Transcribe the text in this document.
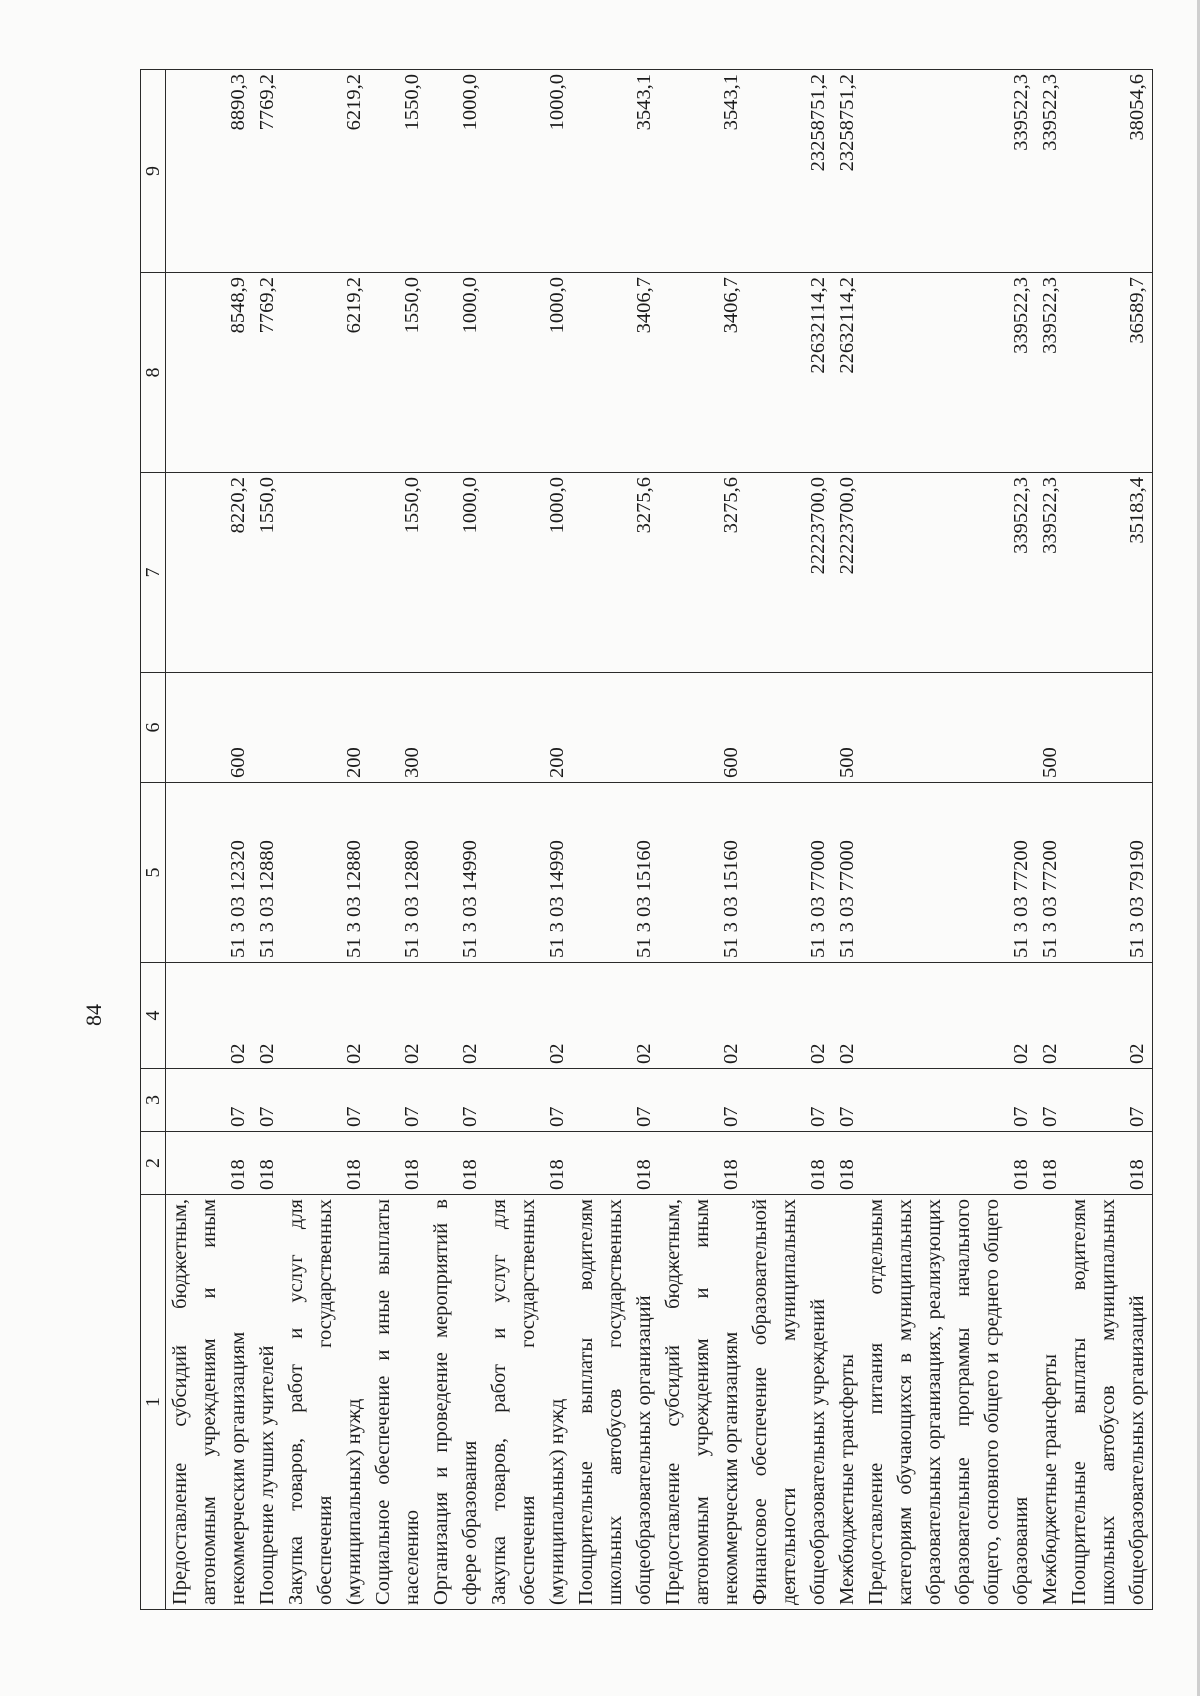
84
1	2	3	4	5	6	7	8	9
Предоставление субсидий бюджетным, автономным учреждениям и иным некоммерческим организациям	018	07	02	51 3 03 12320	600	8220,2	8548,9	8890,3
Поощрение лучших учителей	018	07	02	51 3 03 12880		1550,0	7769,2	7769,2
Закупка товаров, работ и услуг для обеспечения государственных (муниципальных) нужд	018	07	02	51 3 03 12880	200		6219,2	6219,2
Социальное обеспечение и иные выплаты населению	018	07	02	51 3 03 12880	300	1550,0	1550,0	1550,0
Организация и проведение мероприятий в сфере образования	018	07	02	51 3 03 14990		1000,0	1000,0	1000,0
Закупка товаров, работ и услуг для обеспечения государственных (муниципальных) нужд	018	07	02	51 3 03 14990	200	1000,0	1000,0	1000,0
Поощрительные выплаты водителям школьных автобусов государственных общеобразовательных организаций	018	07	02	51 3 03 15160		3275,6	3406,7	3543,1
Предоставление субсидий бюджетным, автономным учреждениям и иным некоммерческим организациям	018	07	02	51 3 03 15160	600	3275,6	3406,7	3543,1
Финансовое обеспечение образовательной деятельности муниципальных общеобразовательных учреждений	018	07	02	51 3 03 77000		22223700,0	22632114,2	23258751,2
Межбюджетные трансферты	018	07	02	51 3 03 77000	500	22223700,0	22632114,2	23258751,2
Предоставление питания отдельным категориям обучающихся в муниципальных образовательных организациях, реализующих образовательные программы начального общего, основного общего и среднего общего образования	018	07	02	51 3 03 77200		339522,3	339522,3	339522,3
Межбюджетные трансферты	018	07	02	51 3 03 77200	500	339522,3	339522,3	339522,3
Поощрительные выплаты водителям школьных автобусов муниципальных общеобразовательных организаций	018	07	02	51 3 03 79190		35183,4	36589,7	38054,6
